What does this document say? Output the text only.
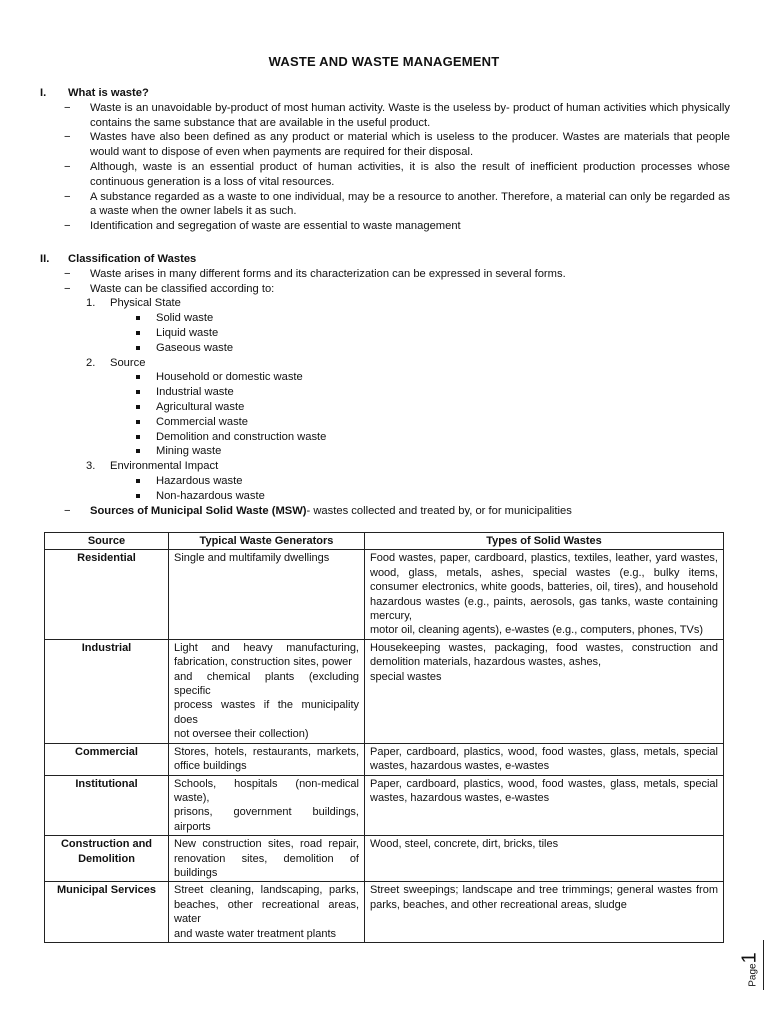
WASTE AND WASTE MANAGEMENT
I.	What is waste?
− Waste is an unavoidable by-product of most human activity. Waste is the useless by- product of human activities which physically contains the same substance that are available in the useful product.
− Wastes have also been defined as any product or material which is useless to the producer. Wastes are materials that people would want to dispose of even when payments are required for their disposal.
− Although, waste is an essential product of human activities, it is also the result of inefficient production processes whose continuous generation is a loss of vital resources.
− A substance regarded as a waste to one individual, may be a resource to another. Therefore, a material can only be regarded as a waste when the owner labels it as such.
− Identification and segregation of waste are essential to waste management
II.	Classification of Wastes
− Waste arises in many different forms and its characterization can be expressed in several forms.
− Waste can be classified according to:
1. Physical State
Solid waste
Liquid waste
Gaseous waste
2. Source
Household or domestic waste
Industrial waste
Agricultural waste
Commercial waste
Demolition and construction waste
Mining waste
3. Environmental Impact
Hazardous waste
Non-hazardous waste
− Sources of Municipal Solid Waste (MSW)- wastes collected and treated by, or for municipalities
Source	Typical Waste Generators	Types of Solid Wastes
Residential	Single and multifamily dwellings	Food wastes, paper, cardboard, plastics, textiles, leather, yard wastes, wood, glass, metals, ashes, special wastes (e.g., bulky items, consumer electronics, white goods, batteries, oil, tires), and household hazardous wastes (e.g., paints, aerosols, gas tanks, waste containing mercury,
motor oil, cleaning agents), e-wastes (e.g., computers, phones, TVs)
Industrial	Light and heavy manufacturing, fabrication, construction sites, power
and chemical plants (excluding specific
process wastes if the municipality does
not oversee their collection)	Housekeeping wastes, packaging, food wastes, construction and demolition materials, hazardous wastes, ashes,
special wastes
Commercial	Stores, hotels, restaurants, markets, office buildings	Paper, cardboard, plastics, wood, food wastes, glass, metals, special wastes, hazardous wastes, e-wastes
Institutional	Schools, hospitals (non-medical waste),
prisons, government buildings, airports	Paper, cardboard, plastics, wood, food wastes, glass, metals, special wastes, hazardous wastes, e-wastes
Construction and Demolition	New construction sites, road repair, renovation sites, demolition of buildings	Wood, steel, concrete, dirt, bricks, tiles
Municipal Services	Street cleaning, landscaping, parks, beaches, other recreational areas, water
and waste water treatment plants	Street sweepings; landscape and tree trimmings; general wastes from parks, beaches, and other recreational areas, sludge
Page1
